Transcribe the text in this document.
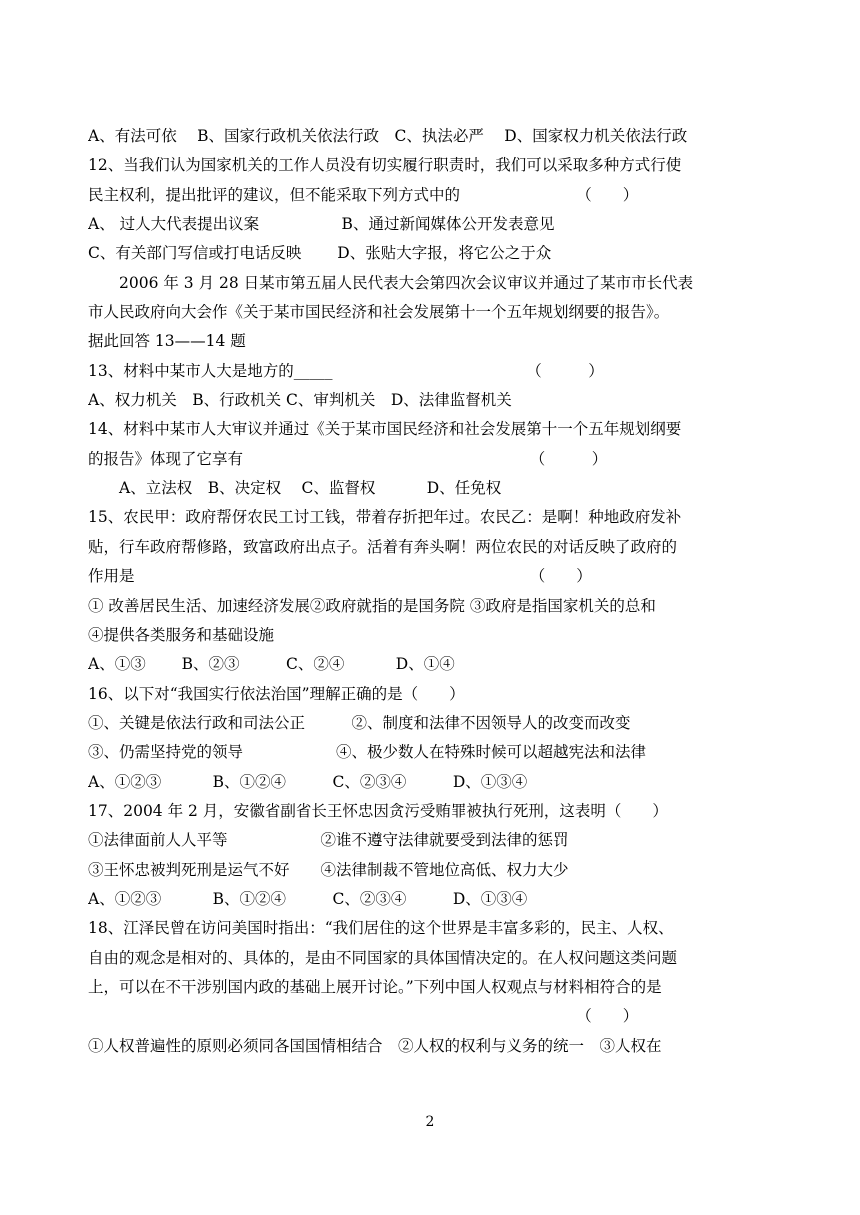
A、有法可依　 B、国家行政机关依法行政　C、执法必严　 D、国家权力机关依法行政
12、当我们认为国家机关的工作人员没有切实履行职责时，我们可以采取多种方式行使
民主权利，提出批评的建议，但不能采取下列方式中的　　　　　　　　（　　）
A、 过人大代表提出议案　　　　　 B、通过新闻媒体公开发表意见
C、有关部门写信或打电话反映　　 D、张贴大字报，将它公之于众
　　2006 年 3 月 28 日某市第五届人民代表大会第四次会议审议并通过了某市市长代表
市人民政府向大会作《关于某市国民经济和社会发展第十一个五年规划纲要的报告》。
据此回答 13——14 题
13、材料中某市人大是地方的_____　　　　　　　　　　　　　（　　　）
A、权力机关　B、行政机关 C、审判机关　D、法律监督机关
14、材料中某市人大审议并通过《关于某市国民经济和社会发展第十一个五年规划纲要
的报告》体现了它享有　　　　　　　　　　　　　　　　　　　（　　　）
　　A、立法权　B、决定权　 C、监督权　　　 D、任免权
15、农民甲：政府帮伢农民工讨工钱，带着存折把年过。农民乙：是啊！种地政府发补
贴，行车政府帮修路，致富政府出点子。活着有奔头啊！两位农民的对话反映了政府的
作用是　　　　　　　　　　　　　　　　　　　　　　　　　　（　　）
① 改善居民生活、加速经济发展②政府就指的是国务院 ③政府是指国家机关的总和
④提供各类服务和基础设施
A、①③　　 B、②③　　　C、②④　　　 D、①④
16、以下对“我国实行依法治国”理解正确的是（　　）
①、关键是依法行政和司法公正　　　②、制度和法律不因领导人的改变而改变
③、仍需坚持党的领导　　　　　　④、极少数人在特殊时候可以超越宪法和法律
A、①②③　　　 B、①②④　　　C、②③④　　　D、①③④
17、2004 年 2 月，安徽省副省长王怀忠因贪污受贿罪被执行死刑，这表明（　　）
①法律面前人人平等　　　　　　②谁不遵守法律就要受到法律的惩罚
③王怀忠被判死刑是运气不好　　④法律制裁不管地位高低、权力大少
A、①②③　　　 B、①②④　　　C、②③④　　　D、①③④
18、江泽民曾在访问美国时指出：“我们居住的这个世界是丰富多彩的，民主、人权、
自由的观念是相对的、具体的，是由不同国家的具体国情决定的。在人权问题这类问题
上，可以在不干涉别国内政的基础上展开讨论。”下列中国人权观点与材料相符合的是
　　　　　　　　　　　　　　　　　　　　　　　　　　　　　　　　（　　）
①人权普遍性的原则必须同各国国情相结合　②人权的权利与义务的统一　③人权在
2
